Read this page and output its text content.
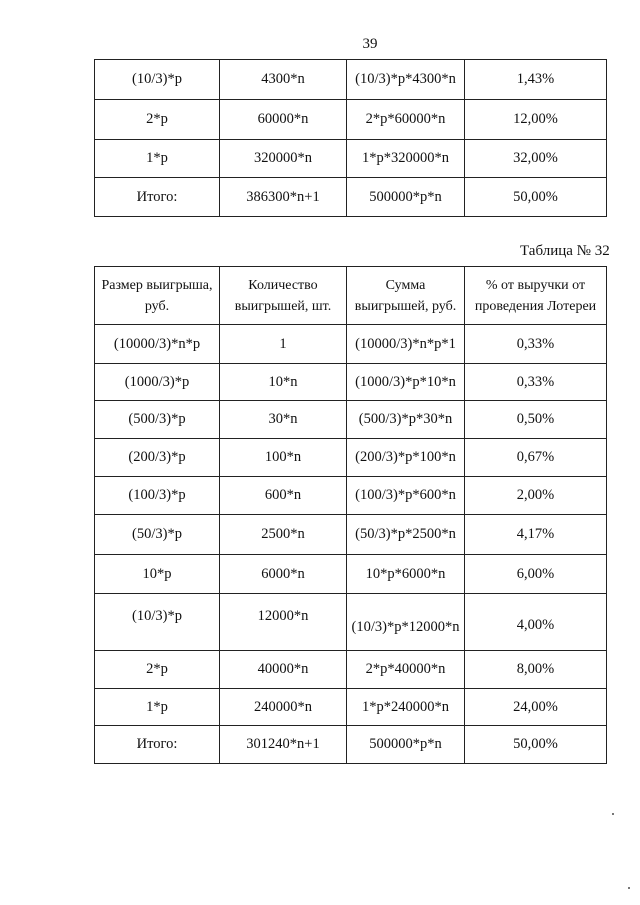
39
(10/3)*p	4300*n	(10/3)*p*4300*n	1,43%
2*p	60000*n	2*p*60000*n	12,00%
1*p	320000*n	1*p*320000*n	32,00%
Итого:	386300*n+1	500000*p*n	50,00%
Таблица № 32
Размер выигрыша, руб.	Количество выигрышей, шт.	Сумма выигрышей, руб.	% от выручки от проведения Лотереи
(10000/3)*n*p	1	(10000/3)*n*p*1	0,33%
(1000/3)*p	10*n	(1000/3)*p*10*n	0,33%
(500/3)*p	30*n	(500/3)*p*30*n	0,50%
(200/3)*p	100*n	(200/3)*p*100*n	0,67%
(100/3)*p	600*n	(100/3)*p*600*n	2,00%
(50/3)*p	2500*n	(50/3)*p*2500*n	4,17%
10*p	6000*n	10*p*6000*n	6,00%
(10/3)*p	12000*n	(10/3)*p*12000*n	4,00%
2*p	40000*n	2*p*40000*n	8,00%
1*p	240000*n	1*p*240000*n	24,00%
Итого:	301240*n+1	500000*p*n	50,00%
